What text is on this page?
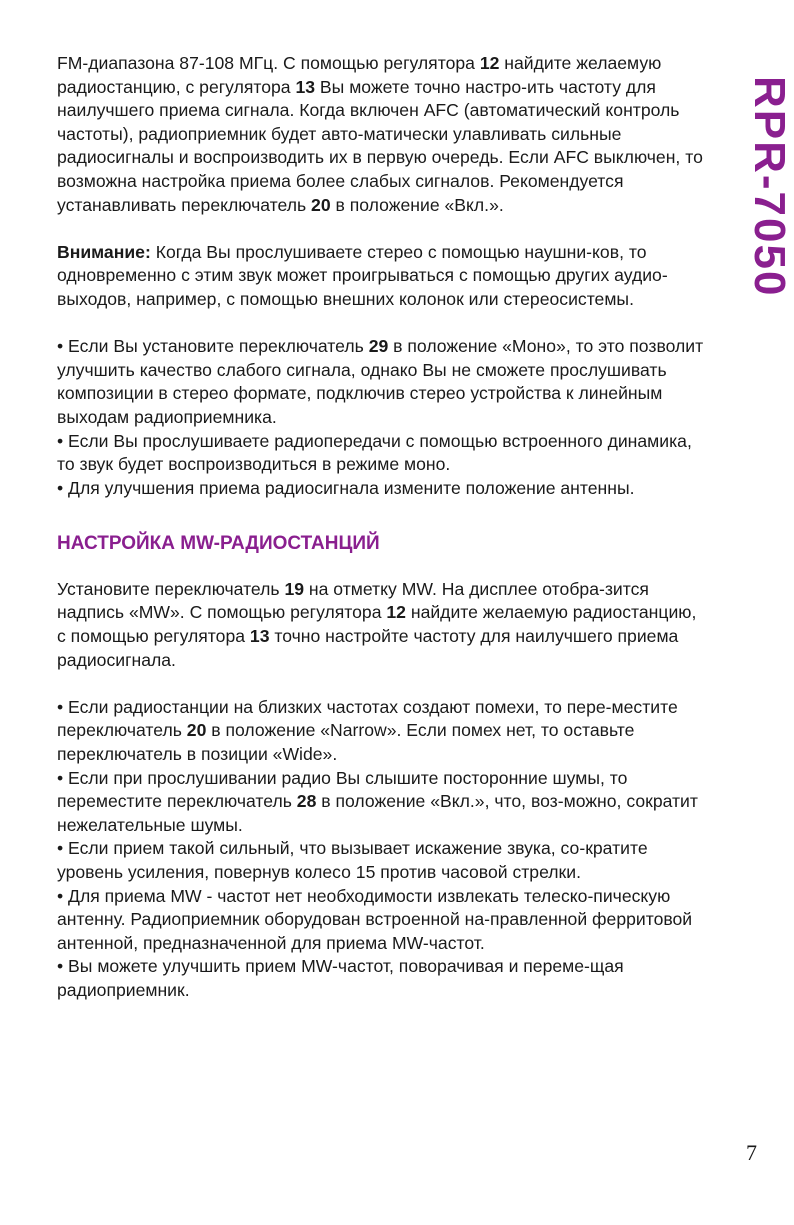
RPR-7050

FM-диапазона 87-108 МГц. С помощью регулятора 12 найдите желаемую радиостанцию, с регулятора 13 Вы можете точно настро-ить частоту для наилучшего приема сигнала. Когда включен AFC (автоматический контроль частоты), радиоприемник будет авто-матически улавливать сильные радиосигналы и воспроизводить их в первую очередь. Если AFC выключен, то возможна настройка приема более слабых сигналов. Рекомендуется устанавливать переключатель 20 в положение «Вкл.».

Внимание: Когда Вы прослушиваете стерео с помощью наушни-ков, то одновременно с этим звук может проигрываться с помощью других аудио-выходов, например, с помощью внешних колонок или стереосистемы.

• Если Вы установите переключатель 29 в положение «Моно», то это позволит улучшить качество слабого сигнала, однако Вы не сможете прослушивать композиции в стерео формате, подключив стерео устройства к линейным выходам радиоприемника.

• Если Вы прослушиваете радиопередачи с помощью встроенного динамика, то звук будет воспроизводиться в режиме моно.

• Для улучшения приема радиосигнала измените положение антенны.

НАСТРОЙКА MW-РАДИОСТАНЦИЙ

Установите переключатель 19 на отметку MW. На дисплее отобра-зится надпись «MW». С помощью регулятора 12 найдите желаемую радиостанцию, с помощью регулятора 13 точно настройте частоту для наилучшего приема радиосигнала.

• Если радиостанции на близких частотах создают помехи, то пере-местите переключатель 20 в положение «Narrow». Если помех нет, то оставьте переключатель в позиции «Wide».

• Если при прослушивании радио Вы слышите посторонние шумы, то переместите переключатель 28 в положение «Вкл.», что, воз-можно, сократит нежелательные шумы.

• Если прием такой сильный, что вызывает искажение звука, со-кратите уровень усиления, повернув колесо 15 против часовой стрелки.

• Для приема MW - частот нет необходимости извлекать телеско-пическую антенну. Радиоприемник оборудован встроенной на-правленной ферритовой антенной, предназначенной для приема MW-частот.

• Вы можете улучшить прием MW-частот, поворачивая и переме-щая радиоприемник.

7
